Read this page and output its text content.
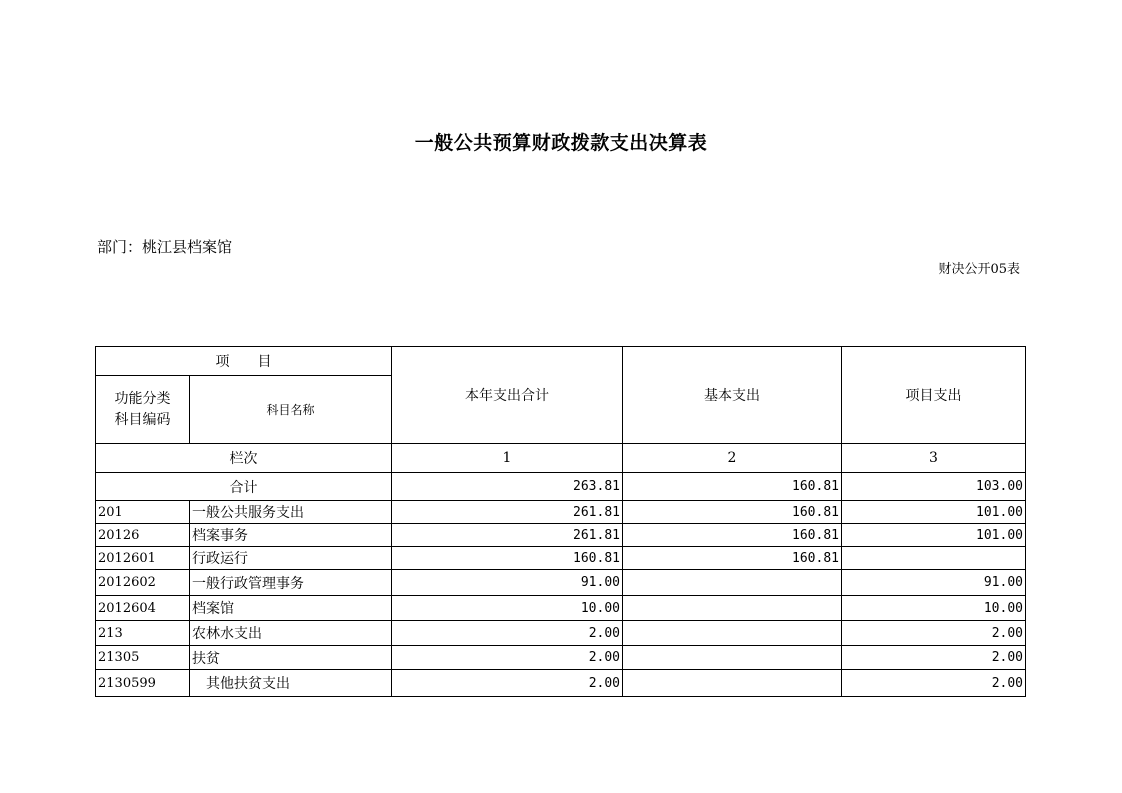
一般公共预算财政拨款支出决算表
部门：桃江县档案馆
财决公开05表
项　　目		本年支出合计	基本支出	项目支出

功能分类
科目编码	科目名称			
栏次		1	2	3
合计		263.81	160.81	103.00
201	一般公共服务支出	261.81	160.81	101.00
20126	档案事务	261.81	160.81	101.00
2012601	行政运行	160.81	160.81	
2012602	一般行政管理事务	91.00		91.00
2012604	档案馆	10.00		10.00
213	农林水支出	2.00		2.00
21305	扶贫	2.00		2.00
2130599	其他扶贫支出	2.00		2.00
